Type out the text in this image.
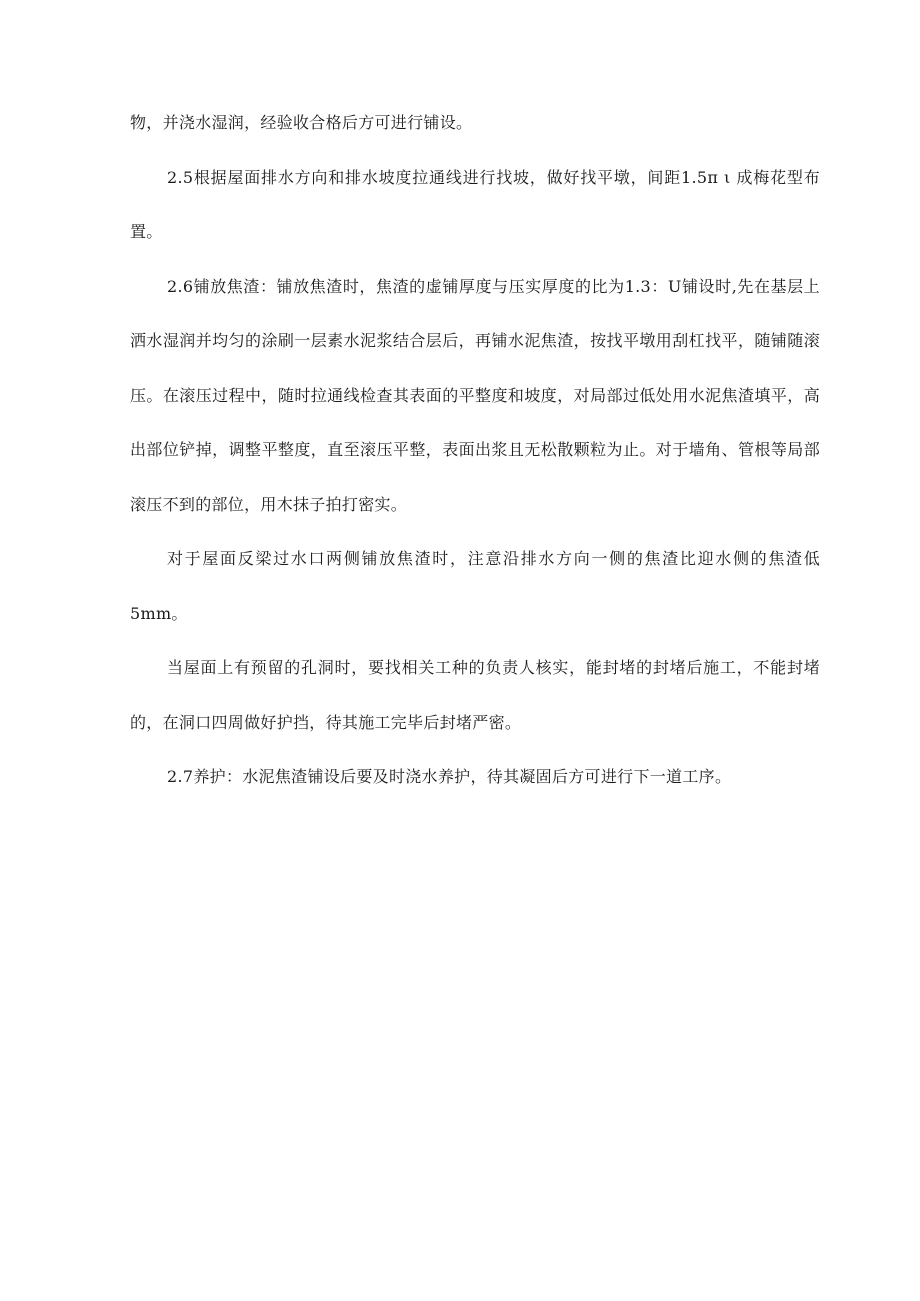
物，并浇水湿润，经验收合格后方可进行铺设。

2.5根据屋面排水方向和排水坡度拉通线进行找坡，做好找平墩，间距1.5π ι 成梅花型布置。

2.6铺放焦渣：铺放焦渣时，焦渣的虚铺厚度与压实厚度的比为1.3：U铺设时,先在基层上洒水湿润并均匀的涂刷一层素水泥浆结合层后，再铺水泥焦渣，按找平墩用刮杠找平，随铺随滚压。在滚压过程中，随时拉通线检查其表面的平整度和坡度，对局部过低处用水泥焦渣填平，高出部位铲掉，调整平整度，直至滚压平整，表面出浆且无松散颗粒为止。对于墙角、管根等局部滚压不到的部位，用木抹子拍打密实。

对于屋面反梁过水口两侧铺放焦渣时，注意沿排水方向一侧的焦渣比迎水侧的焦渣低5mm。

当屋面上有预留的孔洞时，要找相关工种的负责人核实，能封堵的封堵后施工，不能封堵的，在洞口四周做好护挡，待其施工完毕后封堵严密。

2.7养护：水泥焦渣铺设后要及时浇水养护，待其凝固后方可进行下一道工序。
